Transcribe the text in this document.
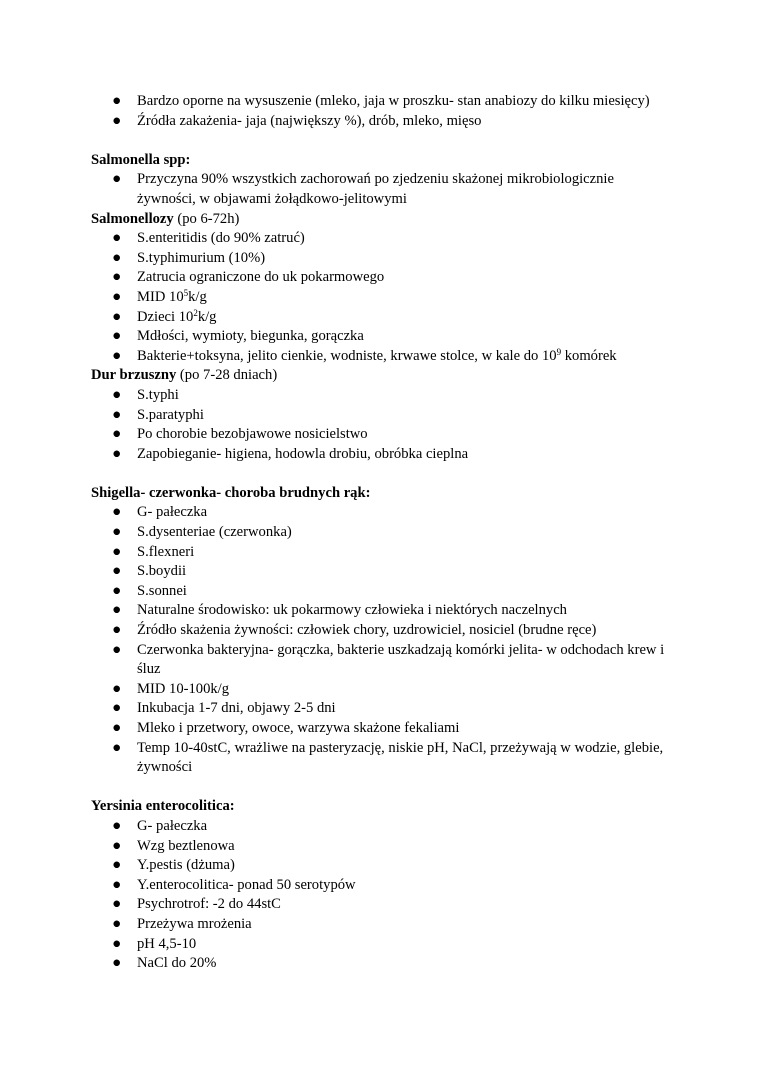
● Bardzo oporne na wysuszenie (mleko, jaja w proszku- stan anabiozy do kilku miesięcy)
● Źródła zakażenia- jaja (największy %), drób, mleko, mięso
Salmonella spp:
● Przyczyna 90% wszystkich zachorowań po zjedzeniu skażonej mikrobiologicznie żywności, w objawami żołądkowo-jelitowymi
Salmonellozy (po 6-72h)
● S.enteritidis (do 90% zatruć)
● S.typhimurium (10%)
● Zatrucia ograniczone do uk pokarmowego
● MID $10^5k/g$
● Dzieci $10^2k/g$
● Mdłości, wymioty, biegunka, gorączka
● Bakterie+toksyna, jelito cienkie, wodniste, krwawe stolce, w kale do $10^9$ komórek
Dur brzuszny (po 7-28 dniach)
● S.typhi
● S.paratyphi
● Po chorobie bezobjawowe nosicielstwo
● Zapobieganie- higiena, hodowla drobiu, obróbka cieplna
Shigella- czerwonka- choroba brudnych rąk:
● G- pałeczka
● S.dysenteriae (czerwonka)
● S.flexneri
● S.boydii
● S.sonnei
● Naturalne środowisko: uk pokarmowy człowieka i niektórych naczelnych
● Źródło skażenia żywności: człowiek chory, uzdrowiciel, nosiciel (brudne ręce)
● Czerwonka bakteryjna- gorączka, bakterie uszkadzają komórki jelita- w odchodach krew i śluz
● MID 10-100k/g
● Inkubacja 1-7 dni, objawy 2-5 dni
● Mleko i przetwory, owoce, warzywa skażone fekaliami
● Temp 10-40stC, wrażliwe na pasteryzację, niskie pH, NaCl, przeżywają w wodzie, glebie, żywności
Yersinia enterocolitica:
● G- pałeczka
● Wzg beztlenowa
● Y.pestis (dżuma)
● Y.enterocolitica- ponad 50 serotypów
● Psychrotrof: -2 do 44stC
● Przeżywa mrożenia
● pH 4,5-10
● NaCl do 20%
